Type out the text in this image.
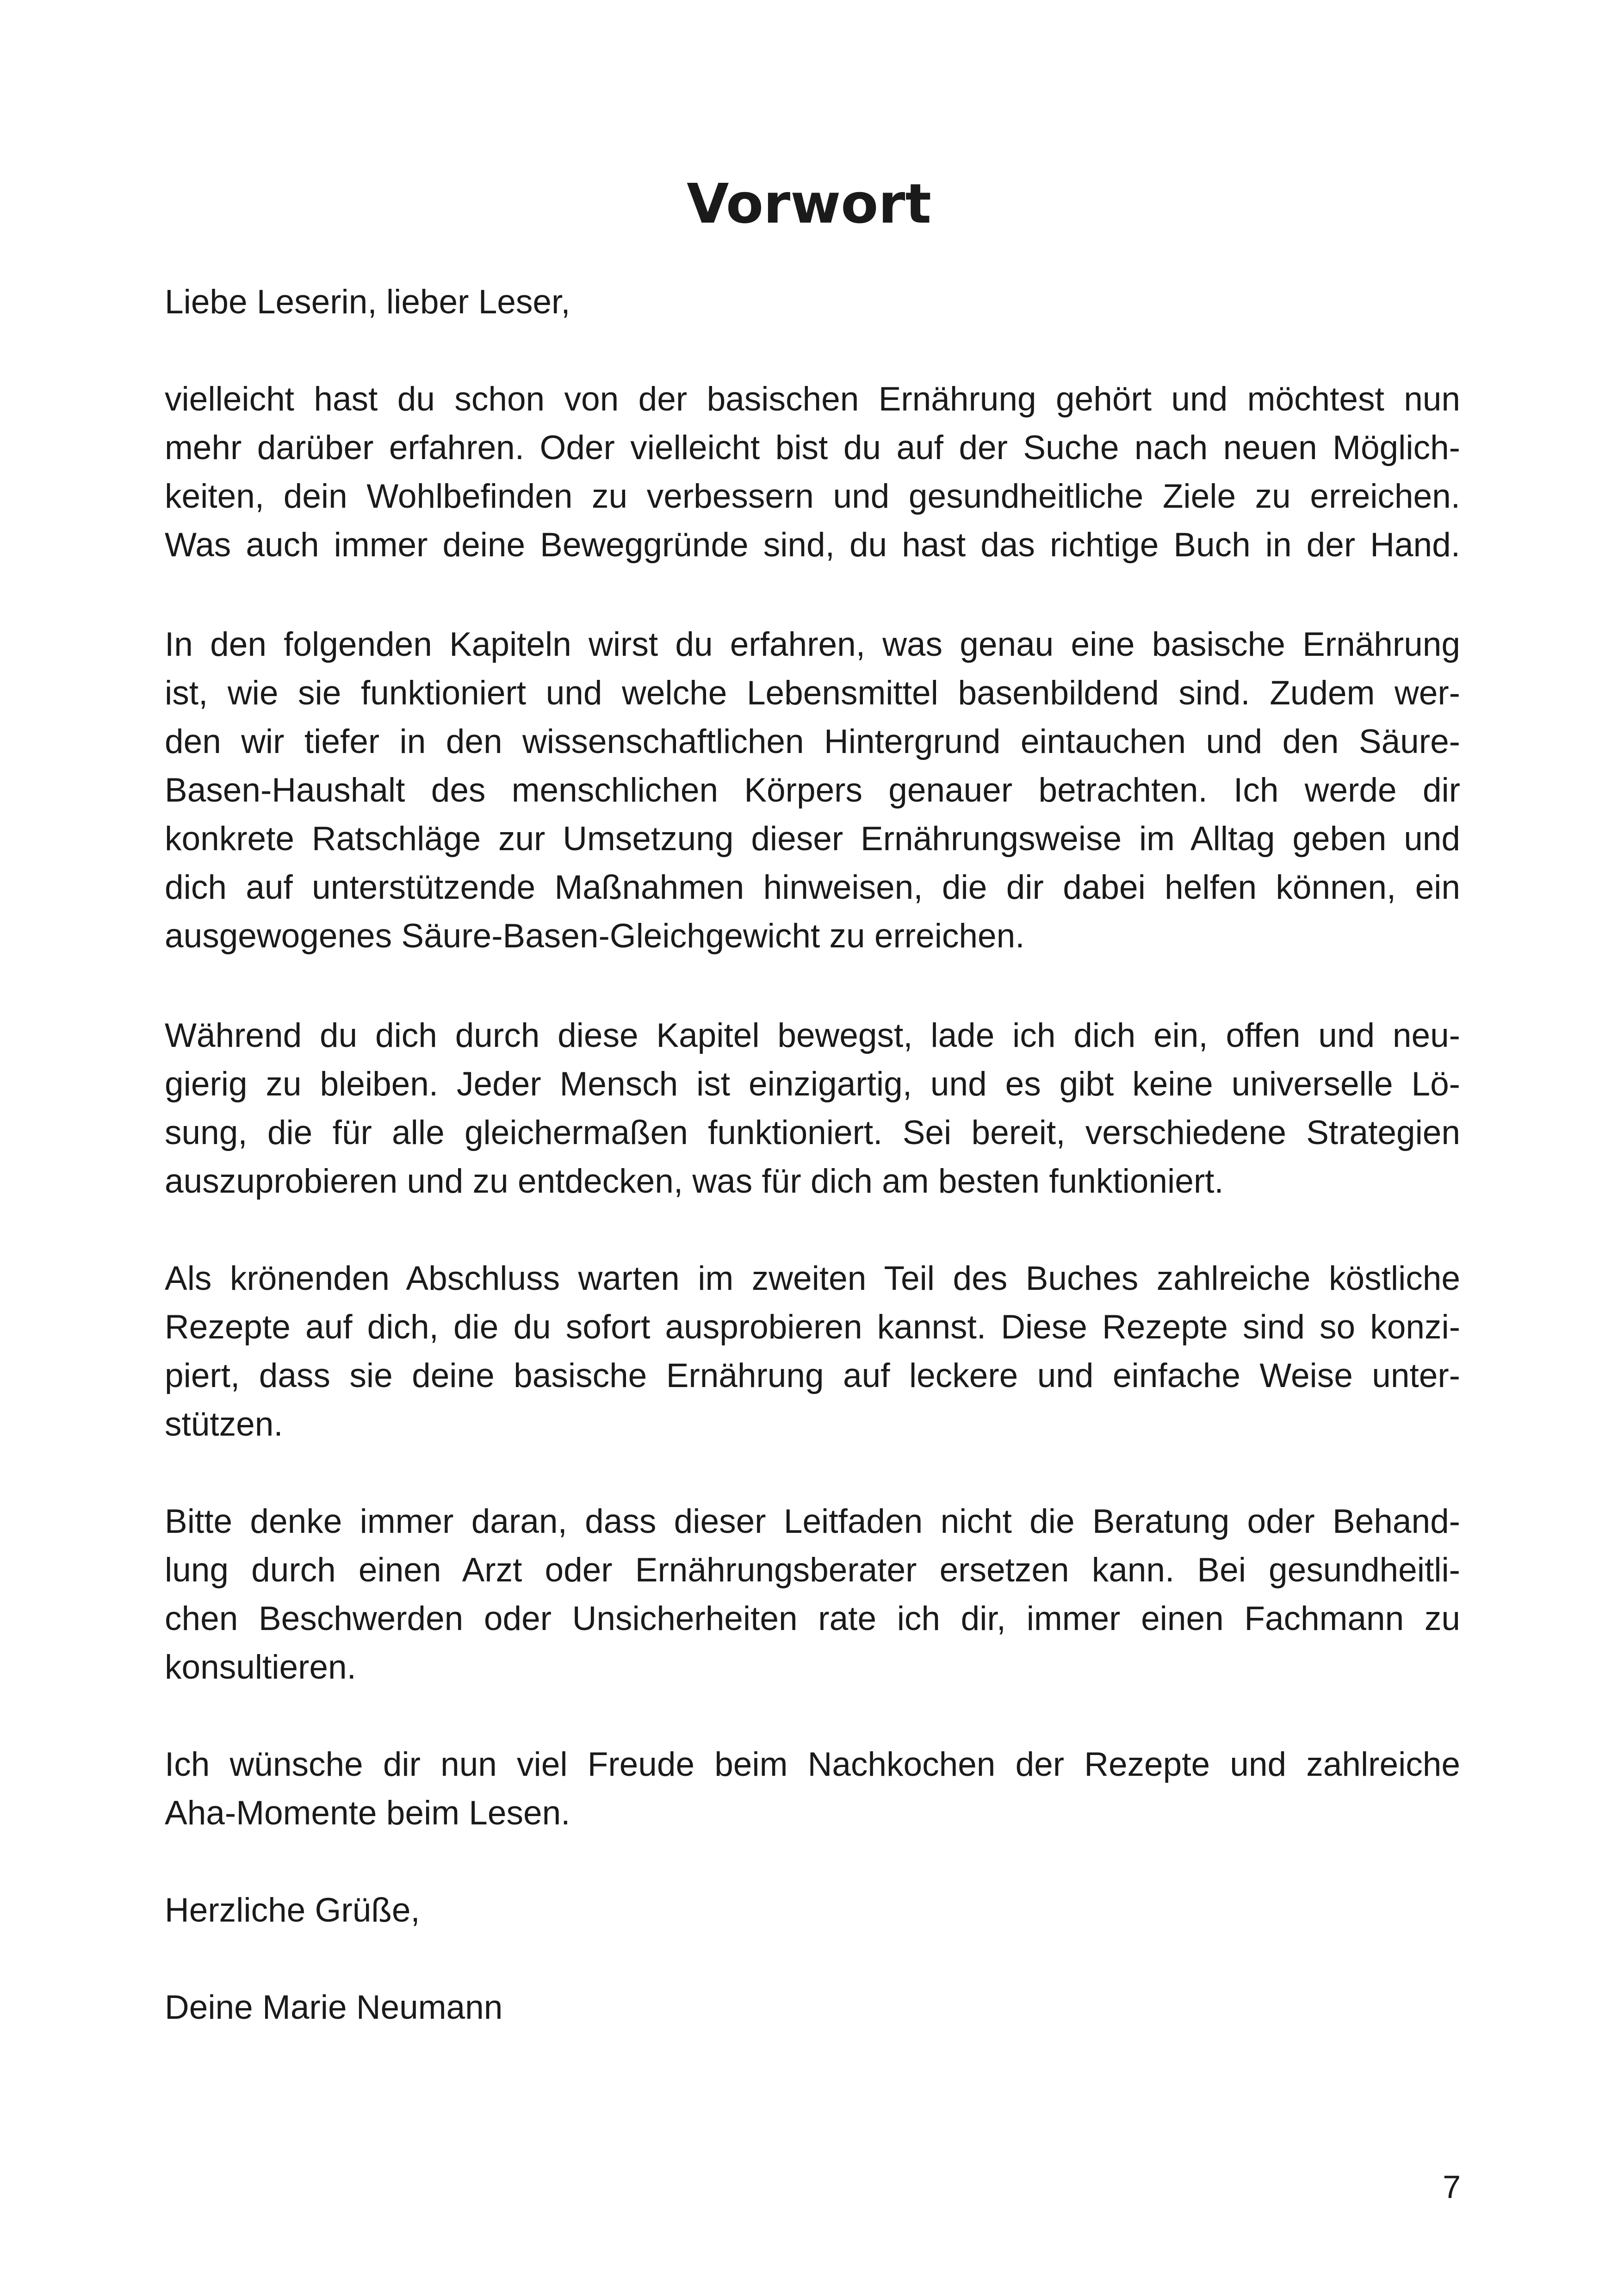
Vorwort

Liebe Leserin, lieber Leser,

vielleicht hast du schon von der basischen Ernährung gehört und möchtest nun
mehr darüber erfahren. Oder vielleicht bist du auf der Suche nach neuen Möglich-
keiten, dein Wohlbefinden zu verbessern und gesundheitliche Ziele zu erreichen.
Was auch immer deine Beweggründe sind, du hast das richtige Buch in der Hand.

In den folgenden Kapiteln wirst du erfahren, was genau eine basische Ernährung
ist, wie sie funktioniert und welche Lebensmittel basenbildend sind. Zudem wer-
den wir tiefer in den wissenschaftlichen Hintergrund eintauchen und den Säure-
Basen-Haushalt des menschlichen Körpers genauer betrachten. Ich werde dir
konkrete Ratschläge zur Umsetzung dieser Ernährungsweise im Alltag geben und
dich auf unterstützende Maßnahmen hinweisen, die dir dabei helfen können, ein
ausgewogenes Säure-Basen-Gleichgewicht zu erreichen.

Während du dich durch diese Kapitel bewegst, lade ich dich ein, offen und neu-
gierig zu bleiben. Jeder Mensch ist einzigartig, und es gibt keine universelle Lö-
sung, die für alle gleichermaßen funktioniert. Sei bereit, verschiedene Strategien
auszuprobieren und zu entdecken, was für dich am besten funktioniert.

Als krönenden Abschluss warten im zweiten Teil des Buches zahlreiche köstliche
Rezepte auf dich, die du sofort ausprobieren kannst. Diese Rezepte sind so konzi-
piert, dass sie deine basische Ernährung auf leckere und einfache Weise unter-
stützen.

Bitte denke immer daran, dass dieser Leitfaden nicht die Beratung oder Behand-
lung durch einen Arzt oder Ernährungsberater ersetzen kann. Bei gesundheitli-
chen Beschwerden oder Unsicherheiten rate ich dir, immer einen Fachmann zu
konsultieren.

Ich wünsche dir nun viel Freude beim Nachkochen der Rezepte und zahlreiche
Aha-Momente beim Lesen.

Herzliche Grüße,

Deine Marie Neumann

7
